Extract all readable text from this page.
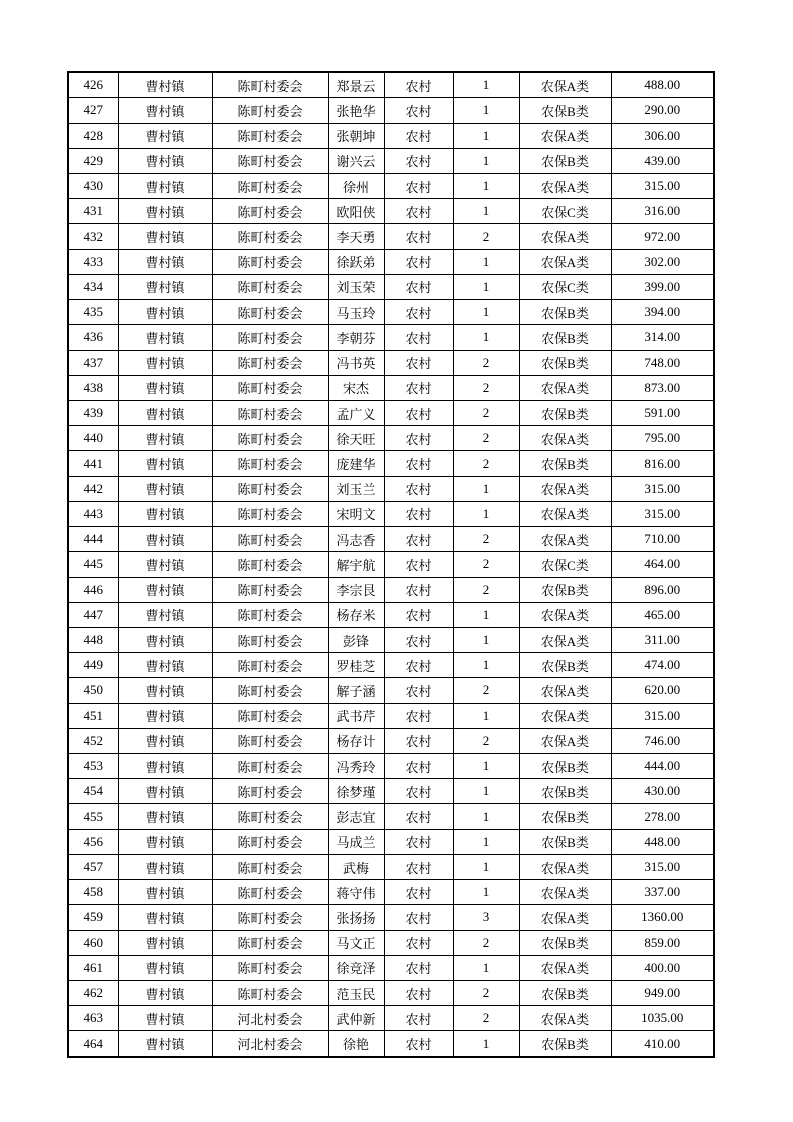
426	曹村镇	陈町村委会	郑景云	农村	1	农保A类	488.00
427	曹村镇	陈町村委会	张艳华	农村	1	农保B类	290.00
428	曹村镇	陈町村委会	张朝坤	农村	1	农保A类	306.00
429	曹村镇	陈町村委会	谢兴云	农村	1	农保B类	439.00
430	曹村镇	陈町村委会	徐州	农村	1	农保A类	315.00
431	曹村镇	陈町村委会	欧阳侠	农村	1	农保C类	316.00
432	曹村镇	陈町村委会	李天勇	农村	2	农保A类	972.00
433	曹村镇	陈町村委会	徐跃弟	农村	1	农保A类	302.00
434	曹村镇	陈町村委会	刘玉荣	农村	1	农保C类	399.00
435	曹村镇	陈町村委会	马玉玲	农村	1	农保B类	394.00
436	曹村镇	陈町村委会	李朝芬	农村	1	农保B类	314.00
437	曹村镇	陈町村委会	冯书英	农村	2	农保B类	748.00
438	曹村镇	陈町村委会	宋杰	农村	2	农保A类	873.00
439	曹村镇	陈町村委会	孟广义	农村	2	农保B类	591.00
440	曹村镇	陈町村委会	徐天旺	农村	2	农保A类	795.00
441	曹村镇	陈町村委会	庞建华	农村	2	农保B类	816.00
442	曹村镇	陈町村委会	刘玉兰	农村	1	农保A类	315.00
443	曹村镇	陈町村委会	宋明文	农村	1	农保A类	315.00
444	曹村镇	陈町村委会	冯志香	农村	2	农保A类	710.00
445	曹村镇	陈町村委会	解宇航	农村	2	农保C类	464.00
446	曹村镇	陈町村委会	李宗艮	农村	2	农保B类	896.00
447	曹村镇	陈町村委会	杨存米	农村	1	农保A类	465.00
448	曹村镇	陈町村委会	彭锋	农村	1	农保A类	311.00
449	曹村镇	陈町村委会	罗桂芝	农村	1	农保B类	474.00
450	曹村镇	陈町村委会	解子涵	农村	2	农保A类	620.00
451	曹村镇	陈町村委会	武书芹	农村	1	农保A类	315.00
452	曹村镇	陈町村委会	杨存计	农村	2	农保A类	746.00
453	曹村镇	陈町村委会	冯秀玲	农村	1	农保B类	444.00
454	曹村镇	陈町村委会	徐梦瑾	农村	1	农保B类	430.00
455	曹村镇	陈町村委会	彭志宜	农村	1	农保B类	278.00
456	曹村镇	陈町村委会	马成兰	农村	1	农保B类	448.00
457	曹村镇	陈町村委会	武梅	农村	1	农保A类	315.00
458	曹村镇	陈町村委会	蒋守伟	农村	1	农保A类	337.00
459	曹村镇	陈町村委会	张扬扬	农村	3	农保A类	1360.00
460	曹村镇	陈町村委会	马文正	农村	2	农保B类	859.00
461	曹村镇	陈町村委会	徐竞泽	农村	1	农保A类	400.00
462	曹村镇	陈町村委会	范玉民	农村	2	农保B类	949.00
463	曹村镇	河北村委会	武仲新	农村	2	农保A类	1035.00
464	曹村镇	河北村委会	徐艳	农村	1	农保B类	410.00
